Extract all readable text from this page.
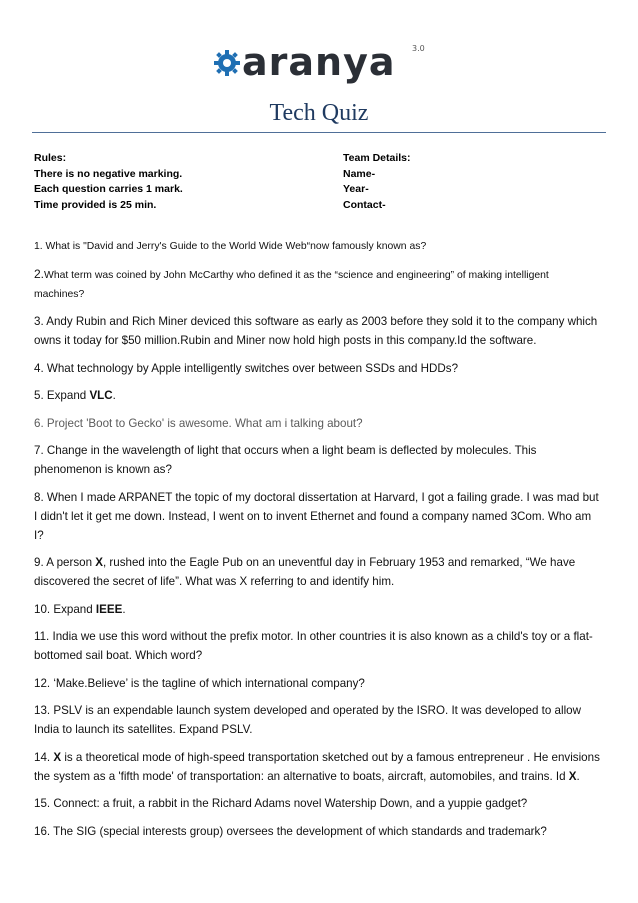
aranya 3.0
Tech Quiz
Rules:
There is no negative marking.
Each question carries 1 mark.
Time provided is 25 min.
Team Details:
Name-
Year-
Contact-

1. What is "David and Jerry's Guide to the World Wide Web“now famously known as?

2.What term was coined by John McCarthy who defined it as the “science and engineering” of making intelligent machines?

3. Andy Rubin and Rich Miner deviced this software as early as 2003 before they sold it to the company which owns it today for $50 million.Rubin and Miner now hold high posts in this company.Id the software.

4. What technology by Apple intelligently switches over between SSDs and HDDs?

5. Expand VLC.

6. Project 'Boot to Gecko' is awesome. What am i talking about?

7. Change in the wavelength of light that occurs when a light beam is deflected by molecules. This phenomenon is known as?

8. When I made ARPANET the topic of my doctoral dissertation at Harvard, I got a failing grade. I was mad but I didn't let it get me down. Instead, I went on to invent Ethernet and found a company named 3Com. Who am I?

9. A person X, rushed into the Eagle Pub on an uneventful day in February 1953 and remarked, “We have discovered the secret of life”. What was X referring to and identify him.

10. Expand IEEE.

11. India we use this word without the prefix motor. In other countries it is also known as a child's toy or a flat-bottomed sail boat. Which word?

12. ‘Make.Believe’ is the tagline of which international company?

13. PSLV is an expendable launch system developed and operated by the ISRO. It was developed to allow India to launch its satellites. Expand PSLV.

14. X is a theoretical mode of high-speed transportation sketched out by a famous entrepreneur . He envisions the system as a 'fifth mode' of transportation: an alternative to boats, aircraft, automobiles, and trains. Id X.

15. Connect: a fruit, a rabbit in the Richard Adams novel Watership Down, and a yuppie gadget?

16. The SIG (special interests group) oversees the development of which standards and trademark?
